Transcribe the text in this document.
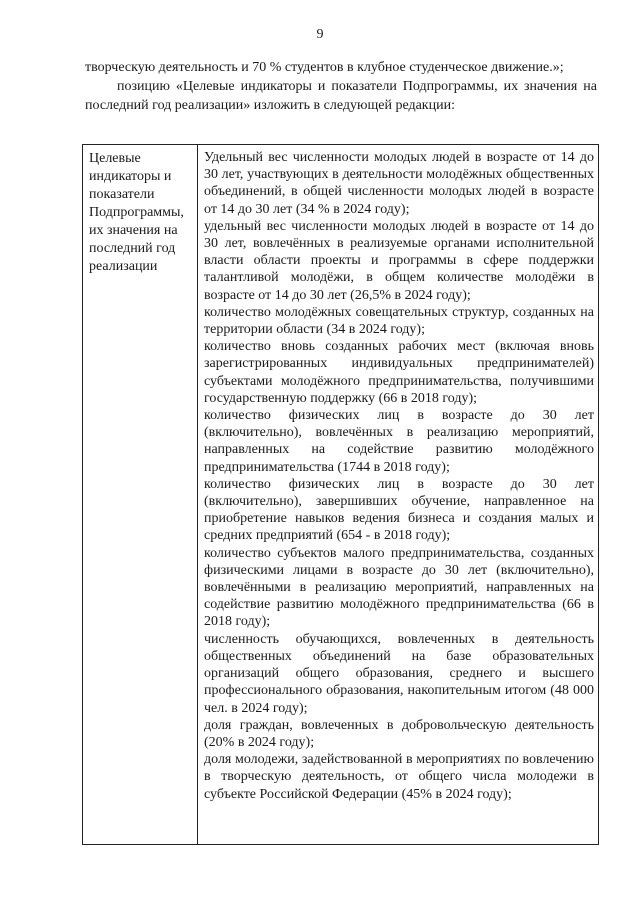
9

творческую деятельность и 70 % студентов в клубное студенческое движение.»;

позицию «Целевые индикаторы и показатели Подпрограммы, их значения на последний год реализации» изложить в следующей редакции:

Целевые
индикаторы и
показатели
Подпрограммы,
их значения на
последний год
реализации

Удельный вес численности молодых людей в возрасте от 14 до 30 лет, участвующих в деятельности молодёжных общественных объединений, в общей численности молодых людей в возрасте от 14 до 30 лет (34 % в 2024 году);

удельный вес численности молодых людей в возрасте от 14 до 30 лет, вовлечённых в реализуемые органами исполнительной власти области проекты и программы в сфере поддержки талантливой молодёжи, в общем количестве молодёжи в возрасте от 14 до 30 лет (26,5% в 2024 году);

количество молодёжных совещательных структур, созданных на территории области (34 в 2024 году);

количество вновь созданных рабочих мест (включая вновь зарегистрированных индивидуальных предпринимателей) субъектами молодёжного предпринимательства, получившими государственную поддержку (66 в 2018 году);

количество физических лиц в возрасте до 30 лет (включительно), вовлечённых в реализацию мероприятий, направленных на содействие развитию молодёжного предпринимательства (1744 в 2018 году);

количество физических лиц в возрасте до 30 лет (включительно), завершивших обучение, направленное на приобретение навыков ведения бизнеса и создания малых и средних предприятий (654 - в 2018 году);

количество субъектов малого предпринимательства, созданных физическими лицами в возрасте до 30 лет (включительно), вовлечёнными в реализацию мероприятий, направленных на содействие развитию молодёжного предпринимательства (66 в 2018 году);

численность обучающихся, вовлеченных в деятельность общественных объединений на базе образовательных организаций общего образования, среднего и высшего профессионального образования, накопительным итогом (48 000 чел. в 2024 году);

доля граждан, вовлеченных в добровольческую деятельность (20% в 2024 году);

доля молодежи, задействованной в мероприятиях по вовлечению в творческую деятельность, от общего числа молодежи в субъекте Российской Федерации (45% в 2024 году);
